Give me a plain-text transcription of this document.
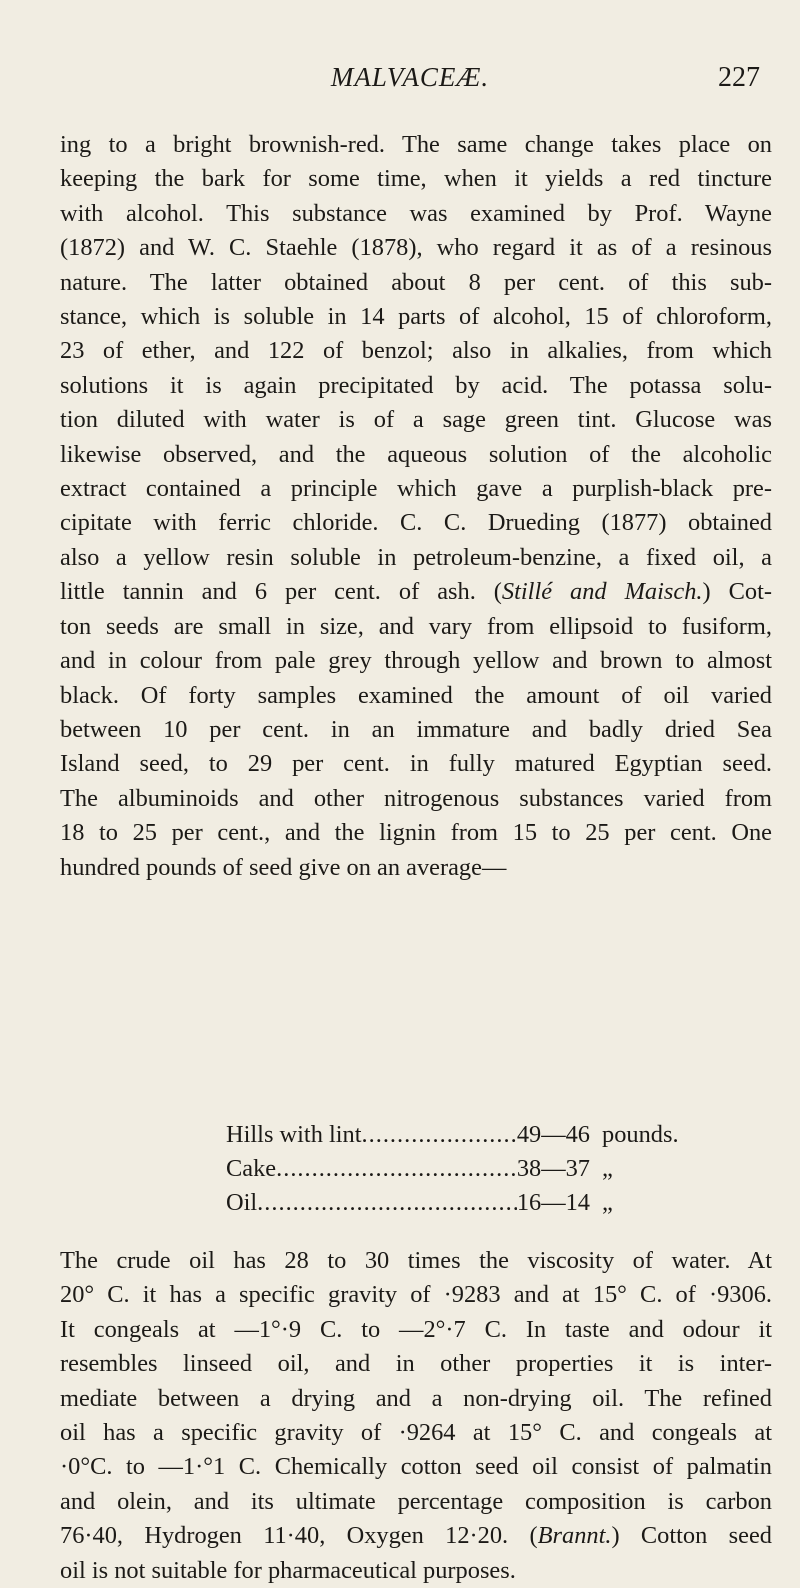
MALVACEÆ.	227
ing to a bright brownish-red. The same change takes place on
keeping the bark for some time, when it yields a red tincture
with alcohol. This substance was examined by Prof. Wayne
(1872) and W. C. Staehle (1878), who regard it as of a resinous
nature. The latter obtained about 8 per cent. of this sub-
stance, which is soluble in 14 parts of alcohol, 15 of chloroform,
23 of ether, and 122 of benzol; also in alkalies, from which
solutions it is again precipitated by acid. The potassa solu-
tion diluted with water is of a sage green tint. Glucose was
likewise observed, and the aqueous solution of the alcoholic
extract contained a principle which gave a purplish-black pre-
cipitate with ferric chloride. C. C. Drueding (1877) obtained
also a yellow resin soluble in petroleum-benzine, a fixed oil, a
little tannin and 6 per cent. of ash. (Stillé and Maisch.) Cot-
ton seeds are small in size, and vary from ellipsoid to fusiform,
and in colour from pale grey through yellow and brown to almost
black. Of forty samples examined the amount of oil varied
between 10 per cent. in an immature and badly dried Sea
Island seed, to 29 per cent. in fully matured Egyptian seed.
The albuminoids and other nitrogenous substances varied from
18 to 25 per cent., and the lignin from 15 to 25 per cent. One
hundred pounds of seed give on an average—
Hills with lint .....	49—46 pounds.
Cake .....	38—37 „
Oil .....	16—14 „
The crude oil has 28 to 30 times the viscosity of water. At
20° C. it has a specific gravity of ·9283 and at 15° C. of ·9306.
It congeals at —1°·9 C. to —2°·7 C. In taste and odour it
resembles linseed oil, and in other properties it is inter-
mediate between a drying and a non-drying oil. The refined
oil has a specific gravity of ·9264 at 15° C. and congeals at
·0°C. to —1·°1 C. Chemically cotton seed oil consist of palmatin
and olein, and its ultimate percentage composition is carbon
76·40, Hydrogen 11·40, Oxygen 12·20. (Brannt.) Cotton seed
oil is not suitable for pharmaceutical purposes.
